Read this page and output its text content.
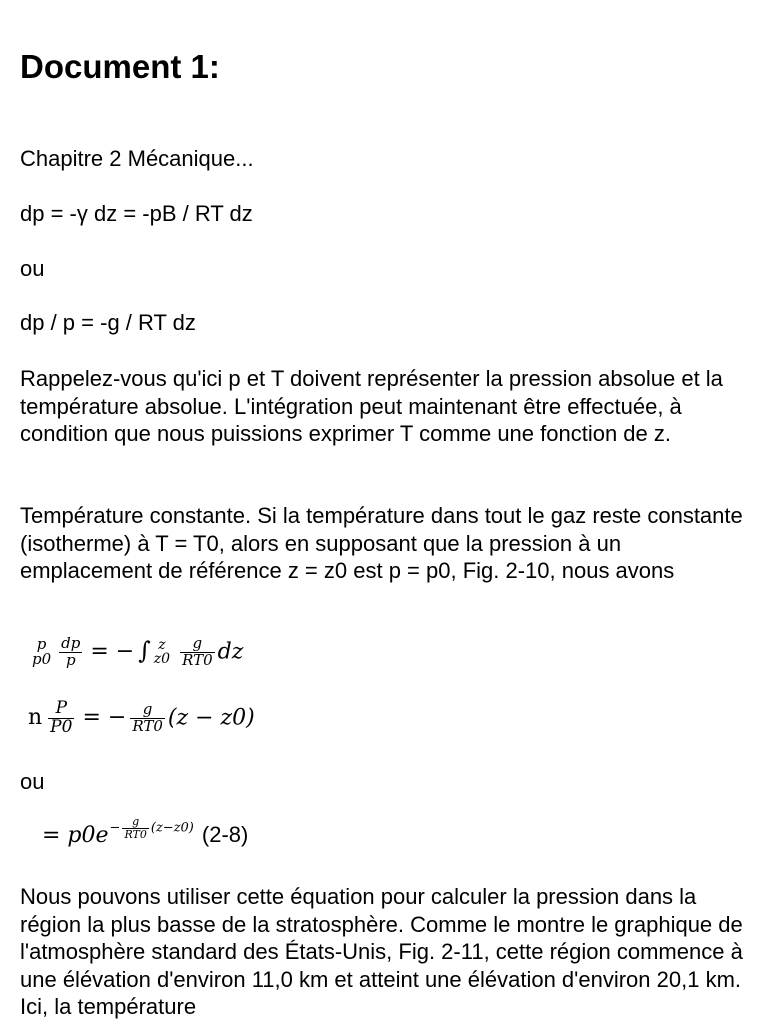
Document 1:

Chapitre 2 Mécanique...

dp = -γ dz = -pB / RT dz

ou

dp / p = -g / RT dz

Rappelez-vous qu'ici p et T doivent représenter la pression absolue et la température absolue. L'intégration peut maintenant être effectuée, à condition que nous puissions exprimer T comme une fonction de z.

Température constante. Si la température dans tout le gaz reste constante (isotherme) à T = T0, alors en supposant que la pression à un emplacement de référence z = z0 est p = p0, Fig. 2-10, nous avons

p
$p0 \frac{dp}{p}$ = − ∫ z
$z0 \frac{g}{RT0}$ dz
n $\frac{P}{P0}$ = − $\frac{g}{RT0} (z - z0)$

ou

= $p0e- \frac{g}{RT0} (z-z0)$ (2-8)

Nous pouvons utiliser cette équation pour calculer la pression dans la région la plus basse de la stratosphère. Comme le montre le graphique de l'atmosphère standard des États-Unis, Fig. 2-11, cette région commence à une élévation d'environ 11,0 km et atteint une élévation d'environ 20,1 km. Ici, la température
